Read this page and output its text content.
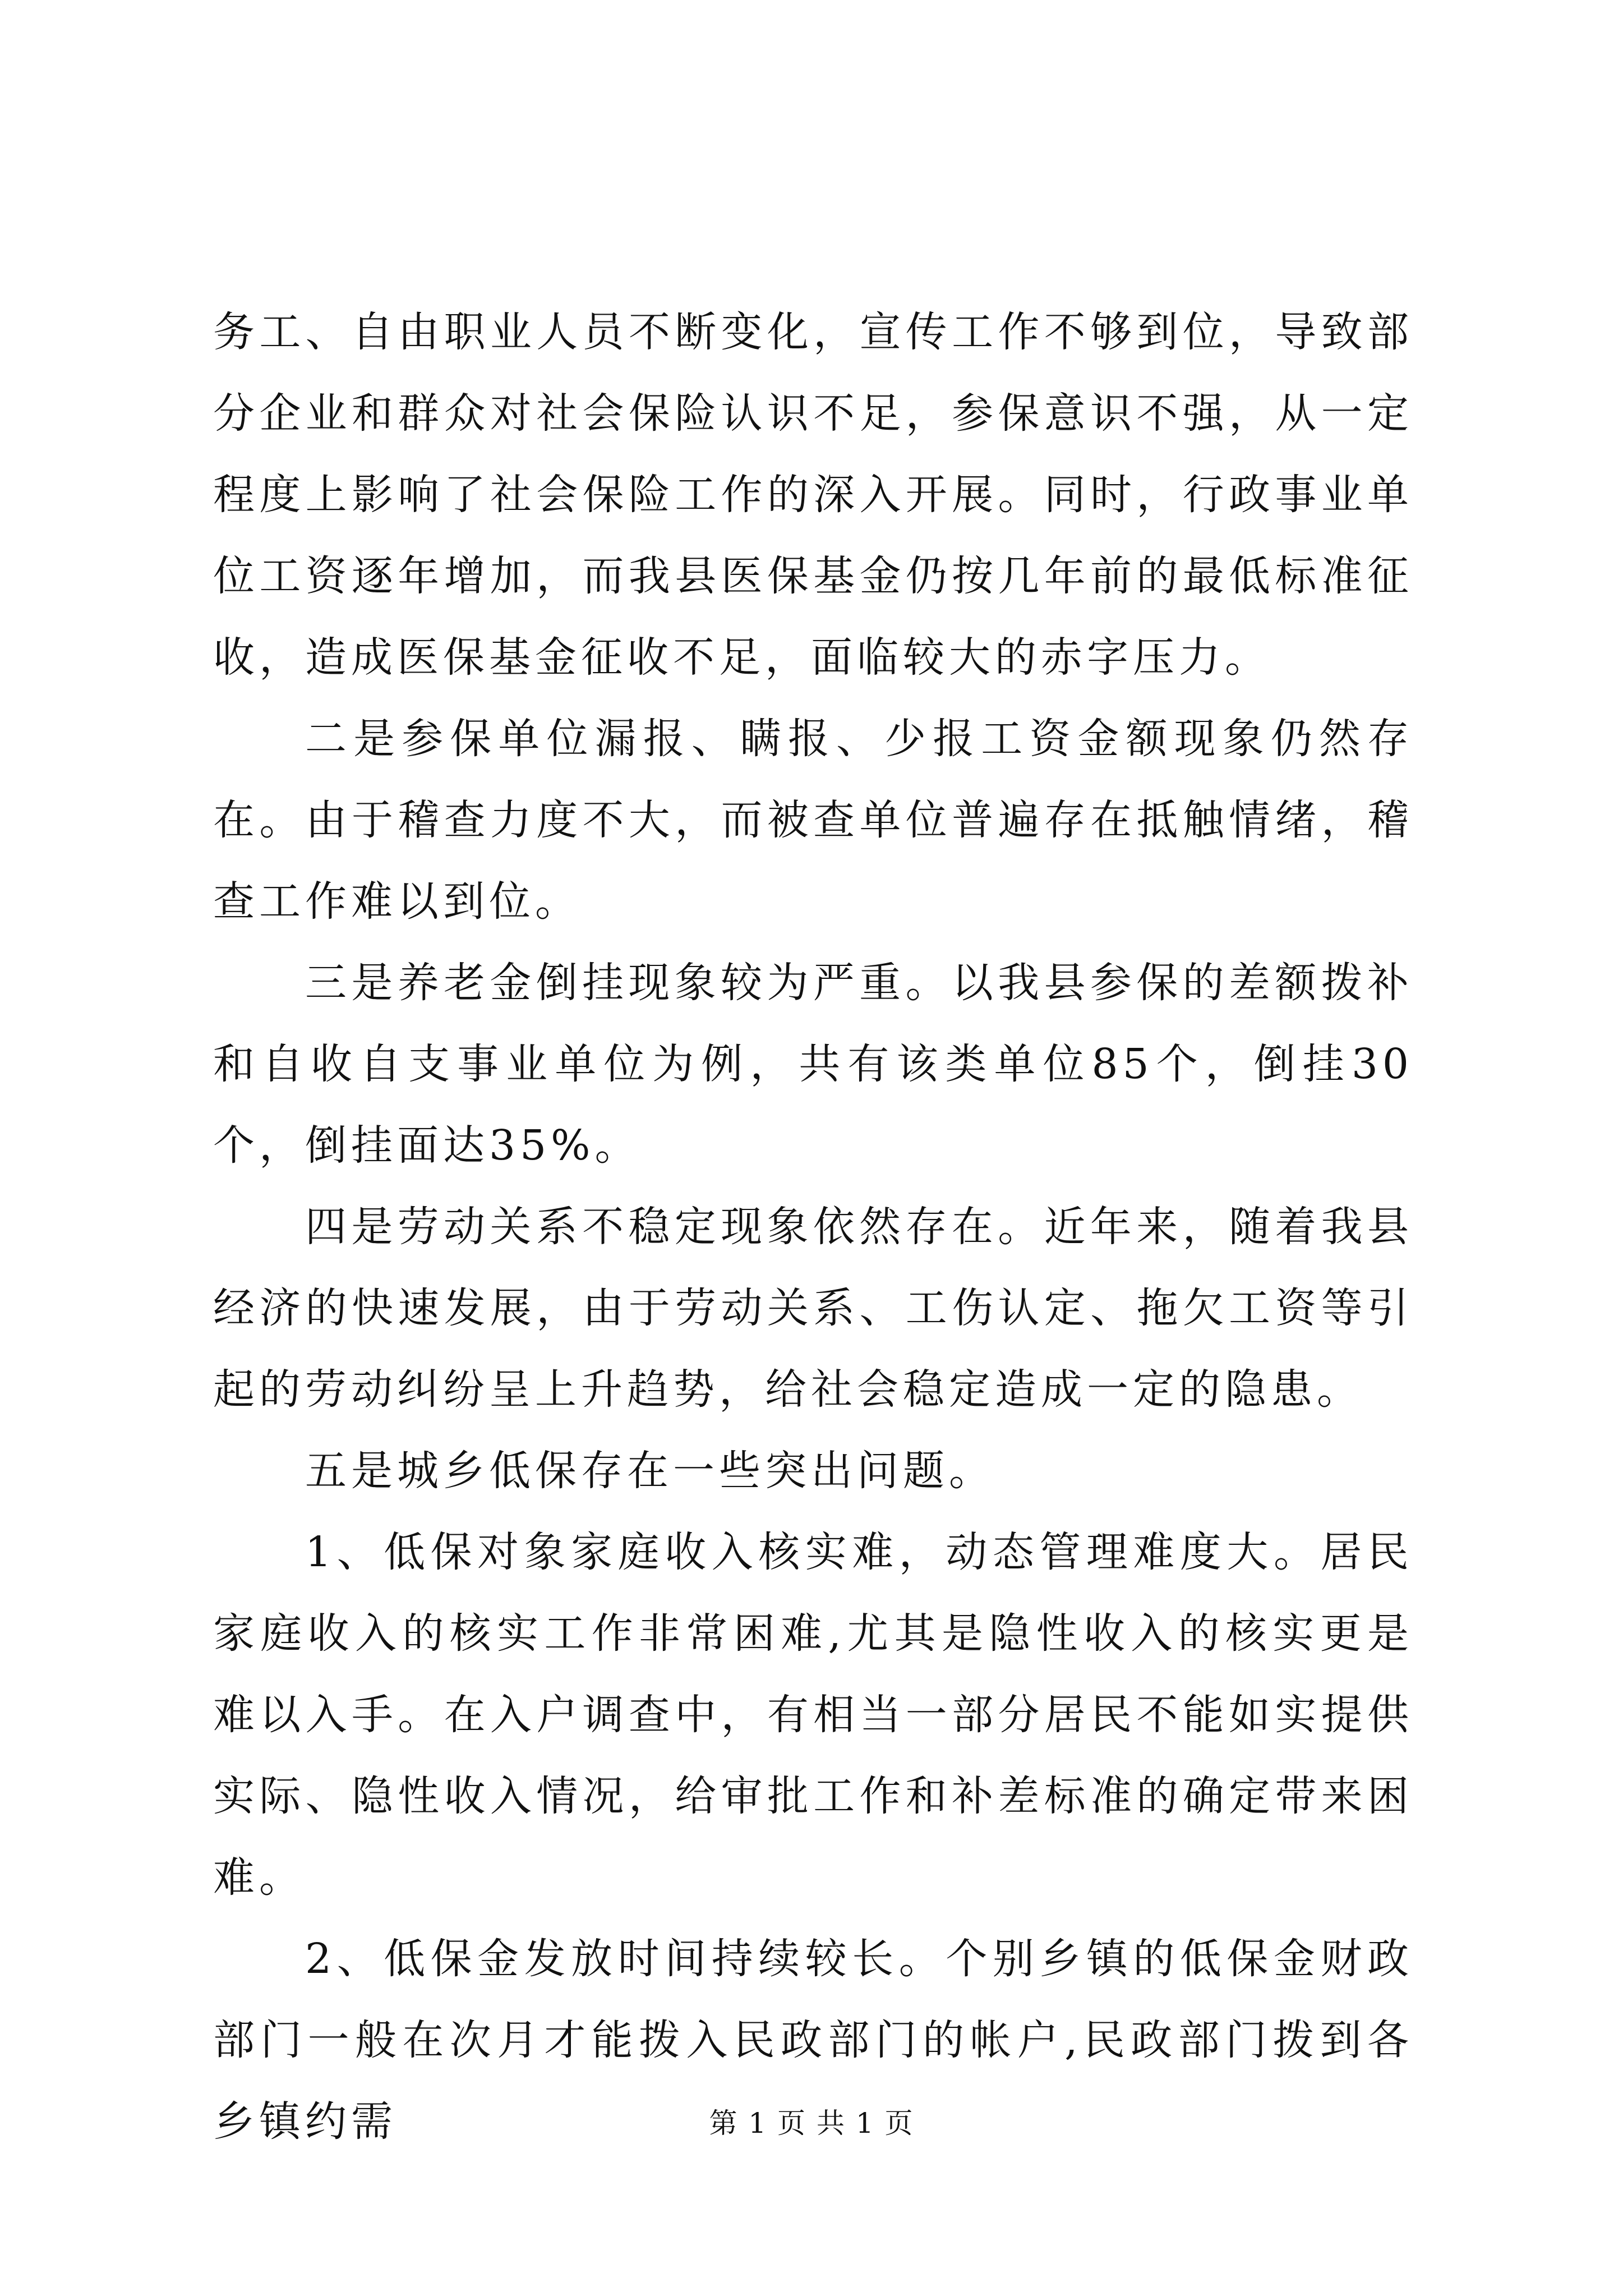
务工、自由职业人员不断变化，宣传工作不够到位，导致部分企业和群众对社会保险认识不足，参保意识不强，从一定程度上影响了社会保险工作的深入开展。同时，行政事业单位工资逐年增加，而我县医保基金仍按几年前的最低标准征收，造成医保基金征收不足，面临较大的赤字压力。

二是参保单位漏报、瞒报、少报工资金额现象仍然存在。由于稽查力度不大，而被查单位普遍存在抵触情绪，稽查工作难以到位。

三是养老金倒挂现象较为严重。以我县参保的差额拨补和自收自支事业单位为例，共有该类单位85个，倒挂30个，倒挂面达35%。

四是劳动关系不稳定现象依然存在。近年来，随着我县经济的快速发展，由于劳动关系、工伤认定、拖欠工资等引起的劳动纠纷呈上升趋势，给社会稳定造成一定的隐患。

五是城乡低保存在一些突出问题。

1、低保对象家庭收入核实难，动态管理难度大。居民家庭收入的核实工作非常困难,尤其是隐性收入的核实更是难以入手。在入户调查中，有相当一部分居民不能如实提供实际、隐性收入情况，给审批工作和补差标准的确定带来困难。

2、低保金发放时间持续较长。个别乡镇的低保金财政部门一般在次月才能拨入民政部门的帐户,民政部门拨到各乡镇约需	第 1 页 共 1 页
